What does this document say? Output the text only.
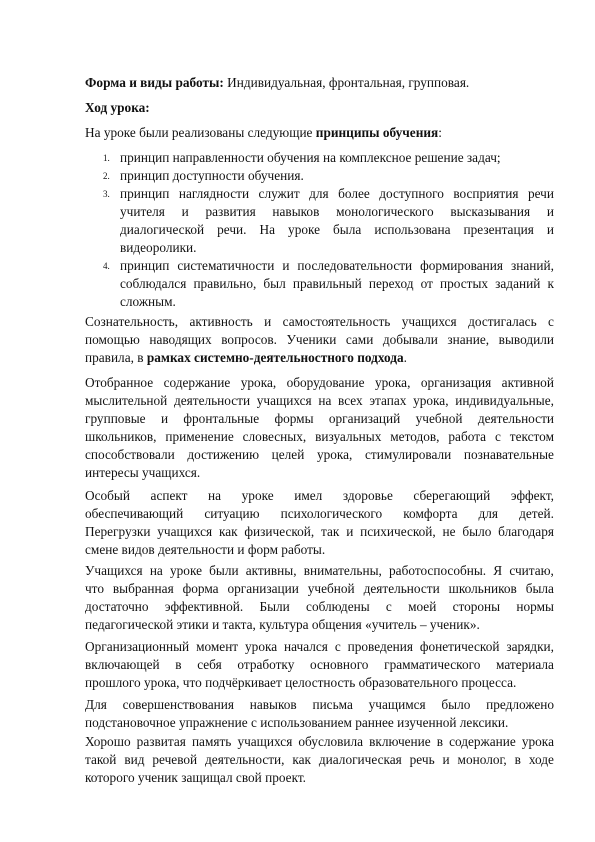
Форма и виды работы: Индивидуальная, фронтальная, групповая.
Ход урока:
На уроке были реализованы следующие принципы обучения:
1. принцип направленности обучения на комплексное решение задач;
2. принцип доступности обучения.
3. принцип наглядности служит для более доступного восприятия речи
учителя и развития навыков монологического высказывания и
диалогической речи. На уроке была использована презентация и
видеоролики.
4. принцип систематичности и последовательности формирования знаний,
соблюдался правильно, был правильный переход от простых заданий к
сложным.
правила, в рамках системно-деятельностного подхода.
Сознательность, активность и самостоятельность учащихся достигалась с
помощью наводящих вопросов. Ученики сами добывали знание, выводили
Отобранное содержание урока, оборудование урока, организация активной
мыслительной деятельности учащихся на всех этапах урока, индивидуальные,
групповые и фронтальные формы организаций учебной деятельности
школьников, применение словесных, визуальных методов, работа с текстом
способствовали достижению целей урока, стимулировали познавательные
интересы учащихся.
Особый аспект на уроке имел здоровье сберегающий эффект,
обеспечивающий ситуацию психологического комфорта для детей.
Перегрузки учащихся как физической, так и психической, не было благодаря
смене видов деятельности и форм работы.
Учащихся на уроке были активны, внимательны, работоспособны. Я считаю,
что выбранная форма организации учебной деятельности школьников была
достаточно эффективной. Были соблюдены с моей стороны нормы
педагогической этики и такта, культура общения «учитель – ученик».
Организационный момент урока начался с проведения фонетической зарядки,
включающей в себя отработку основного грамматического материала
прошлого урока, что подчёркивает целостность образовательного процесса.
Для совершенствования навыков письма учащимся было предложено
подстановочное упражнение с использованием раннее изученной лексики.
Хорошо развитая память учащихся обусловила включение в содержание урока
такой вид речевой деятельности, как диалогическая речь и монолог, в ходе
которого ученик защищал свой проект.
